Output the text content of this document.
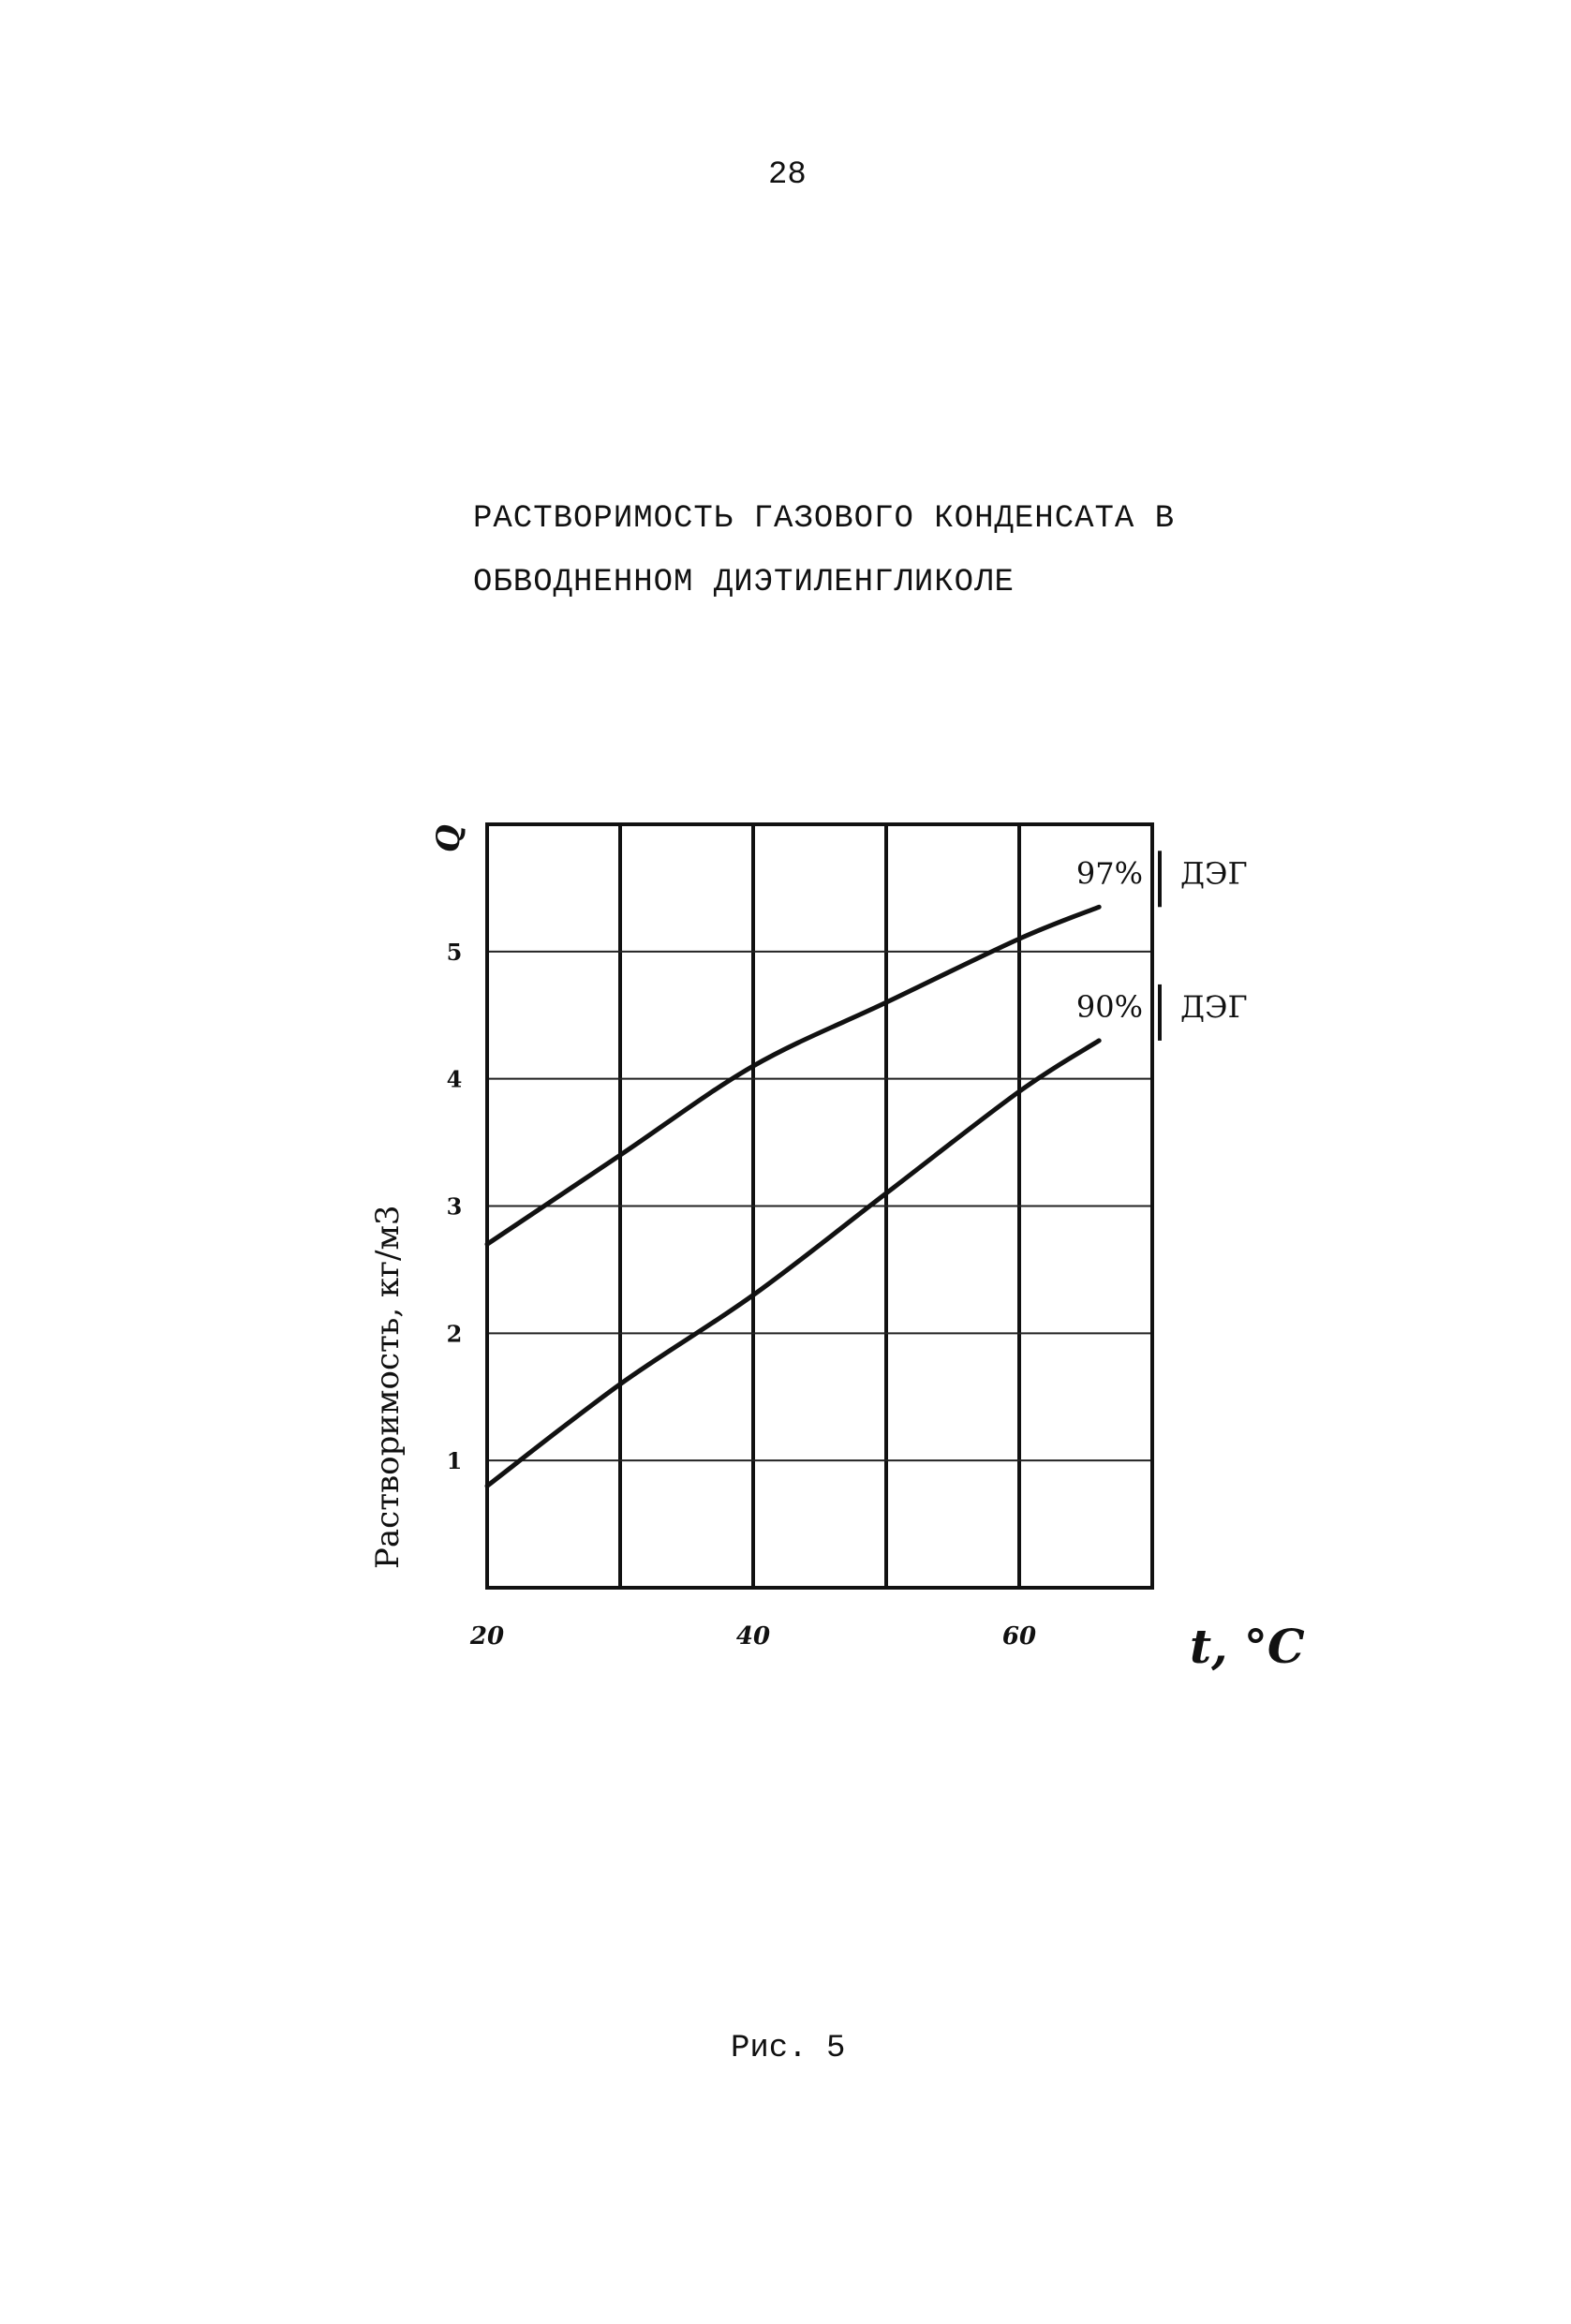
28
РАСТВОРИМОСТЬ ГАЗОВОГО КОНДЕНСАТА В
ОБВОДНЕННОМ ДИЭТИЛЕНГЛИКОЛЕ
20	40	60
1
2
3
4
5
97% ДЭГ
90% ДЭГ
t, °C
Растворимость, кг/м3
Q
Рис. 5
